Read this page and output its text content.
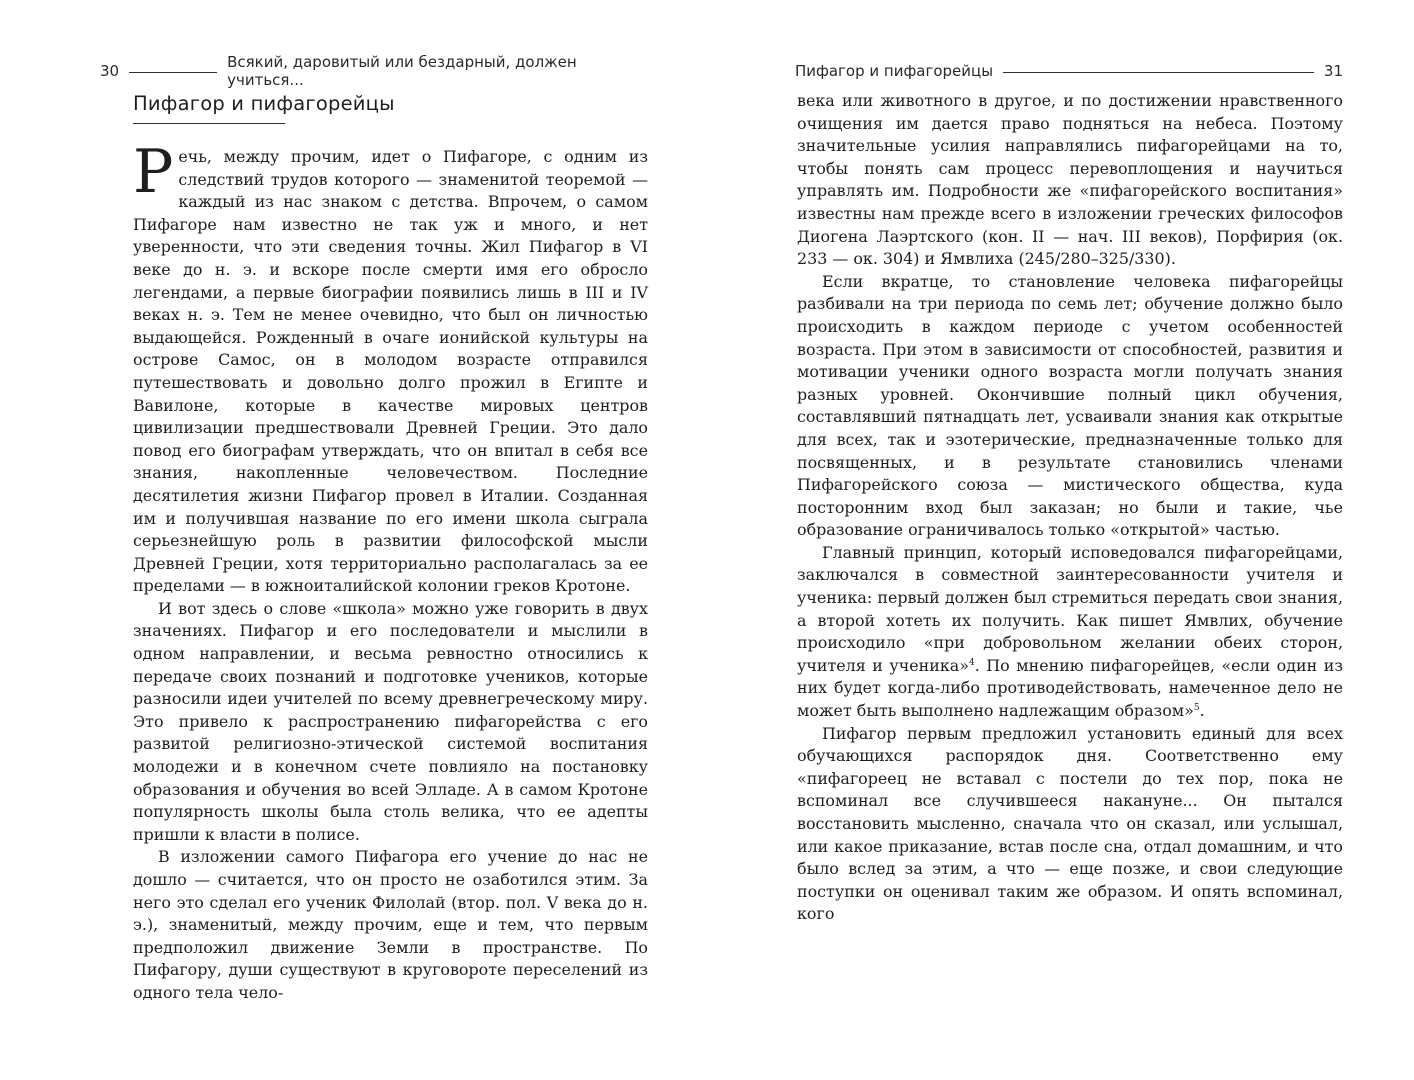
30	Всякий, даровитый или бездарный, должен учиться...
Пифагор и пифагорейцы

Речь, между прочим, идет о Пифагоре, с одним из следствий трудов которого — знаменитой теоремой — каждый из нас знаком с детства. Впрочем, о самом Пифагоре нам известно не так уж и много, и нет уверенности, что эти сведения точны. Жил Пифагор в VI веке до н. э. и вскоре после смерти имя его обросло легендами, а первые биографии появились лишь в III и IV веках н. э. Тем не менее очевидно, что был он личностью выдающейся. Рожденный в очаге ионийской культуры на острове Самос, он в молодом возрасте отправился путешествовать и довольно долго прожил в Египте и Вавилоне, которые в качестве мировых центров цивилизации предшествовали Древней Греции. Это дало повод его биографам утверждать, что он впитал в себя все знания, накопленные человечеством. Последние десятилетия жизни Пифагор провел в Италии. Созданная им и получившая название по его имени школа сыграла серьезнейшую роль в развитии философской мысли Древней Греции, хотя территориально располагалась за ее пределами — в южноиталийской колонии греков Кротоне.

И вот здесь о слове «школа» можно уже говорить в двух значениях. Пифагор и его последователи и мыслили в одном направлении, и весьма ревностно относились к передаче своих познаний и подготовке учеников, которые разносили идеи учителей по всему древнегреческому миру. Это привело к распространению пифагорейства с его развитой религиозно-этической системой воспитания молодежи и в конечном счете повлияло на постановку образования и обучения во всей Элладе. А в самом Кротоне популярность школы была столь велика, что ее адепты пришли к власти в полисе.

В изложении самого Пифагора его учение до нас не дошло — считается, что он просто не озаботился этим. За него это сделал его ученик Филолай (втор. пол. V века до н. э.), знаменитый, между прочим, еще и тем, что первым предположил движение Земли в пространстве. По Пифагору, души существуют в круговороте переселений из одного тела чело-

Пифагор и пифагорейцы	31

века или животного в другое, и по достижении нравственного очищения им дается право подняться на небеса. Поэтому значительные усилия направлялись пифагорейцами на то, чтобы понять сам процесс перевоплощения и научиться управлять им. Подробности же «пифагорейского воспитания» известны нам прежде всего в изложении греческих философов Диогена Лаэртского (кон. II — нач. III веков), Порфирия (ок. 233 — ок. 304) и Ямвлиха (245/280–325/330).

Если вкратце, то становление человека пифагорейцы разбивали на три периода по семь лет; обучение должно было происходить в каждом периоде с учетом особенностей возраста. При этом в зависимости от способностей, развития и мотивации ученики одного возраста могли получать знания разных уровней. Окончившие полный цикл обучения, составлявший пятнадцать лет, усваивали знания как открытые для всех, так и эзотерические, предназначенные только для посвященных, и в результате становились членами Пифагорейского союза — мистического общества, куда посторонним вход был заказан; но были и такие, чье образование ограничивалось только «открытой» частью.

Главный принцип, который исповедовался пифагорейцами, заключался в совместной заинтересованности учителя и ученика: первый должен был стремиться передать свои знания, а второй хотеть их получить. Как пишет Ямвлих, обучение происходило «при добровольном желании обеих сторон, учителя и ученика»$^4$. По мнению пифагорейцев, «если один из них будет когда-либо противодействовать, намеченное дело не может быть выполнено надлежащим образом»$^5$.

Пифагор первым предложил установить единый для всех обучающихся распорядок дня. Соответственно ему «пифагореец не вставал с постели до тех пор, пока не вспоминал все случившееся накануне... Он пытался восстановить мысленно, сначала что он сказал, или услышал, или какое приказание, встав после сна, отдал домашним, и что было вслед за этим, а что — еще позже, и свои следующие поступки он оценивал таким же образом. И опять вспоминал, кого
